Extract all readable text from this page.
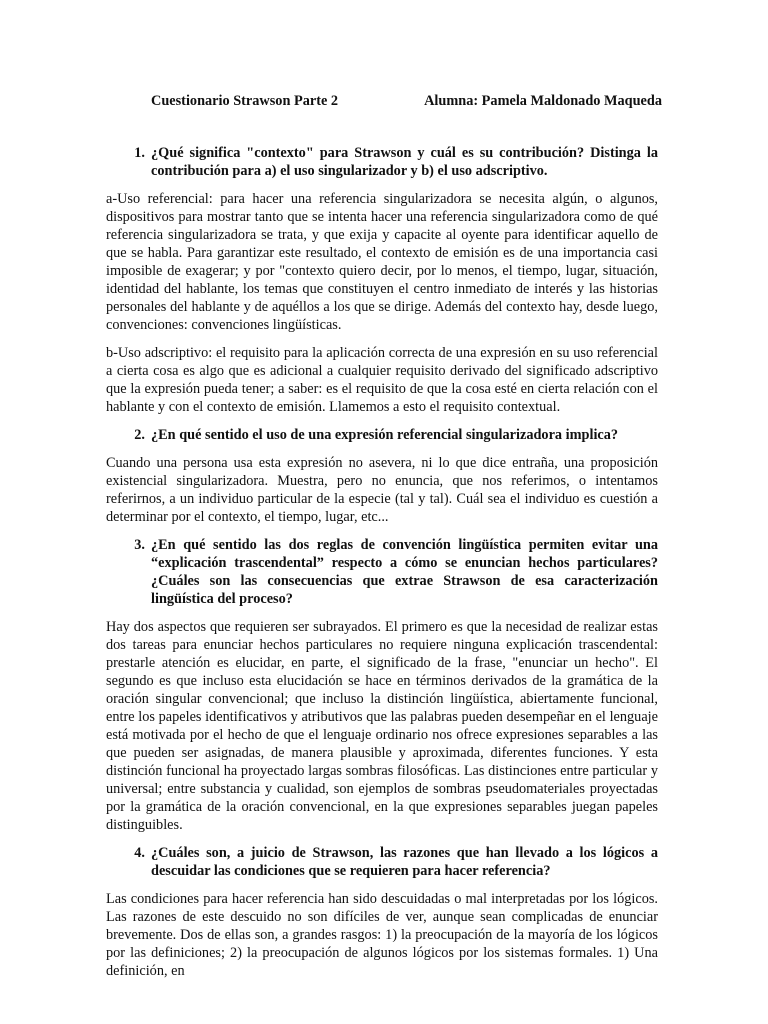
Cuestionario Strawson Parte 2	Alumna: Pamela Maldonado Maqueda
1. ¿Qué significa "contexto" para Strawson y cuál es su contribución? Distinga la contribución para a) el uso singularizador y b) el uso adscriptivo.

a-Uso referencial: para hacer una referencia singularizadora se necesita algún, o algunos, dispositivos para mostrar tanto que se intenta hacer una referencia singularizadora como de qué referencia singularizadora se trata, y que exija y capacite al oyente para identificar aquello de que se habla. Para garantizar este resultado, el contexto de emisión es de una importancia casi imposible de exagerar; y por "contexto quiero decir, por lo menos, el tiempo, lugar, situación, identidad del hablante, los temas que constituyen el centro inmediato de interés y las historias personales del hablante y de aquéllos a los que se dirige. Además del contexto hay, desde luego, convenciones: convenciones lingüísticas.

b-Uso adscriptivo: el requisito para la aplicación correcta de una expresión en su uso referencial a cierta cosa es algo que es adicional a cualquier requisito derivado del significado adscriptivo que la expresión pueda tener; a saber: es el requisito de que la cosa esté en cierta relación con el hablante y con el contexto de emisión. Llamemos a esto el requisito contextual.

2. ¿En qué sentido el uso de una expresión referencial singularizadora implica?

Cuando una persona usa esta expresión no asevera, ni lo que dice entraña, una proposición existencial singularizadora. Muestra, pero no enuncia, que nos referimos, o intentamos referirnos, a un individuo particular de la especie (tal y tal). Cuál sea el individuo es cuestión a determinar por el contexto, el tiempo, lugar, etc...

3. ¿En qué sentido las dos reglas de convención lingüística permiten evitar una “explicación trascendental” respecto a cómo se enuncian hechos particulares? ¿Cuáles son las consecuencias que extrae Strawson de esa caracterización lingüística del proceso?

Hay dos aspectos que requieren ser subrayados. El primero es que la necesidad de realizar estas dos tareas para enunciar hechos particulares no requiere ninguna explicación trascendental: prestarle atención es elucidar, en parte, el significado de la frase, "enunciar un hecho". El segundo es que incluso esta elucidación se hace en términos derivados de la gramática de la oración singular convencional; que incluso la distinción lingüística, abiertamente funcional, entre los papeles identificativos y atributivos que las palabras pueden desempeñar en el lenguaje está motivada por el hecho de que el lenguaje ordinario nos ofrece expresiones separables a las que pueden ser asignadas, de manera plausible y aproximada, diferentes funciones. Y esta distinción funcional ha proyectado largas sombras filosóficas. Las distinciones entre particular y universal; entre substancia y cualidad, son ejemplos de sombras pseudomateriales proyectadas por la gramática de la oración convencional, en la que expresiones separables juegan papeles distinguibles.

4. ¿Cuáles son, a juicio de Strawson, las razones que han llevado a los lógicos a descuidar las condiciones que se requieren para hacer referencia?

Las condiciones para hacer referencia han sido descuidadas o mal interpretadas por los lógicos. Las razones de este descuido no son difíciles de ver, aunque sean complicadas de enunciar brevemente. Dos de ellas son, a grandes rasgos: 1) la preocupación de la mayoría de los lógicos por las definiciones; 2) la preocupación de algunos lógicos por los sistemas formales. 1) Una definición, en
